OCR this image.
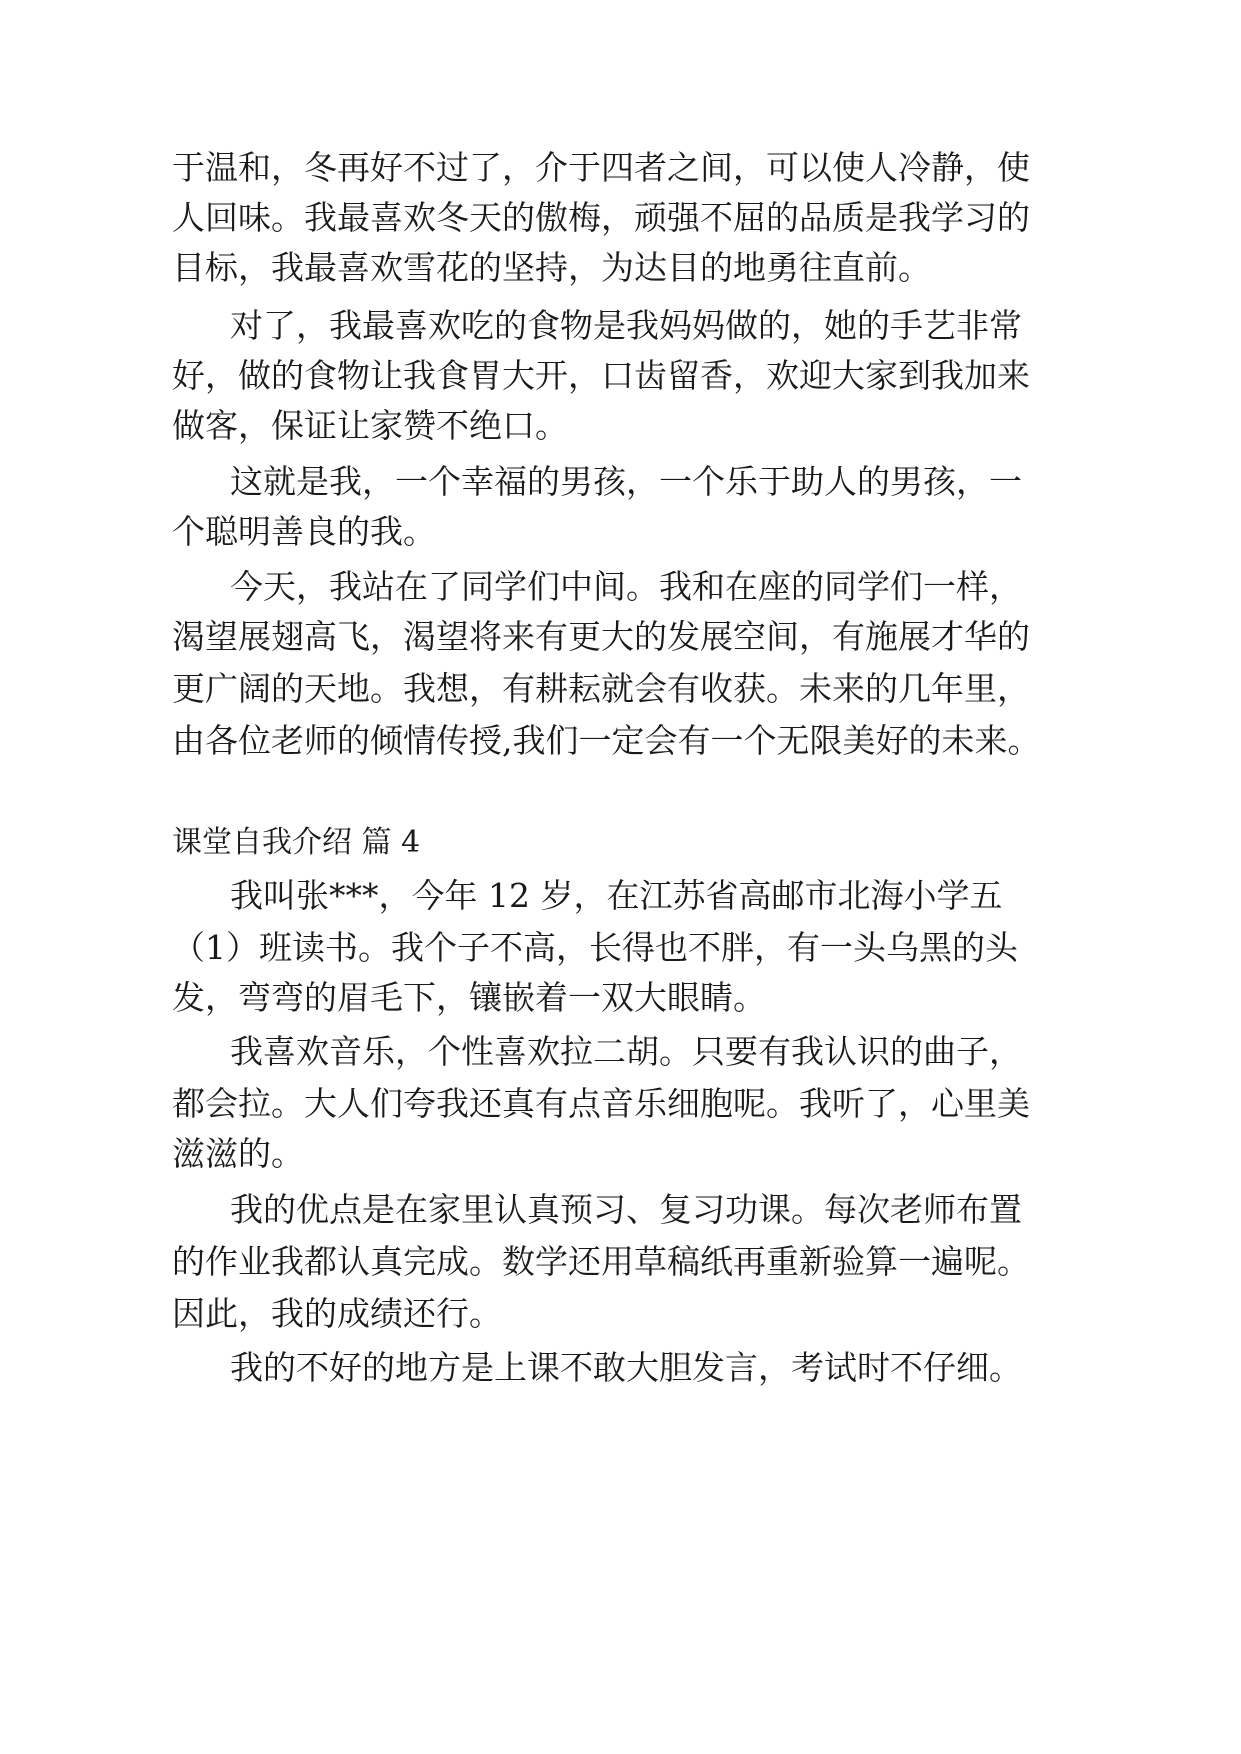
于温和，冬再好不过了，介于四者之间，可以使人冷静，使

人回味。我最喜欢冬天的傲梅，顽强不屈的品质是我学习的

目标，我最喜欢雪花的坚持，为达目的地勇往直前。

对了，我最喜欢吃的食物是我妈妈做的，她的手艺非常

好，做的食物让我食胃大开，口齿留香，欢迎大家到我加来

做客，保证让家赞不绝口。

这就是我，一个幸福的男孩，一个乐于助人的男孩，一

个聪明善良的我。

今天，我站在了同学们中间。我和在座的同学们一样，

渴望展翅高飞，渴望将来有更大的发展空间，有施展才华的

更广阔的天地。我想，有耕耘就会有收获。未来的几年里，

由各位老师的倾情传授,我们一定会有一个无限美好的未来。

课堂自我介绍 篇 4

我叫张***，今年 12 岁，在江苏省高邮市北海小学五

（1）班读书。我个子不高，长得也不胖，有一头乌黑的头

发，弯弯的眉毛下，镶嵌着一双大眼睛。

我喜欢音乐，个性喜欢拉二胡。只要有我认识的曲子，

都会拉。大人们夸我还真有点音乐细胞呢。我听了，心里美

滋滋的。

我的优点是在家里认真预习、复习功课。每次老师布置

的作业我都认真完成。数学还用草稿纸再重新验算一遍呢。

因此，我的成绩还行。

我的不好的地方是上课不敢大胆发言，考试时不仔细。
